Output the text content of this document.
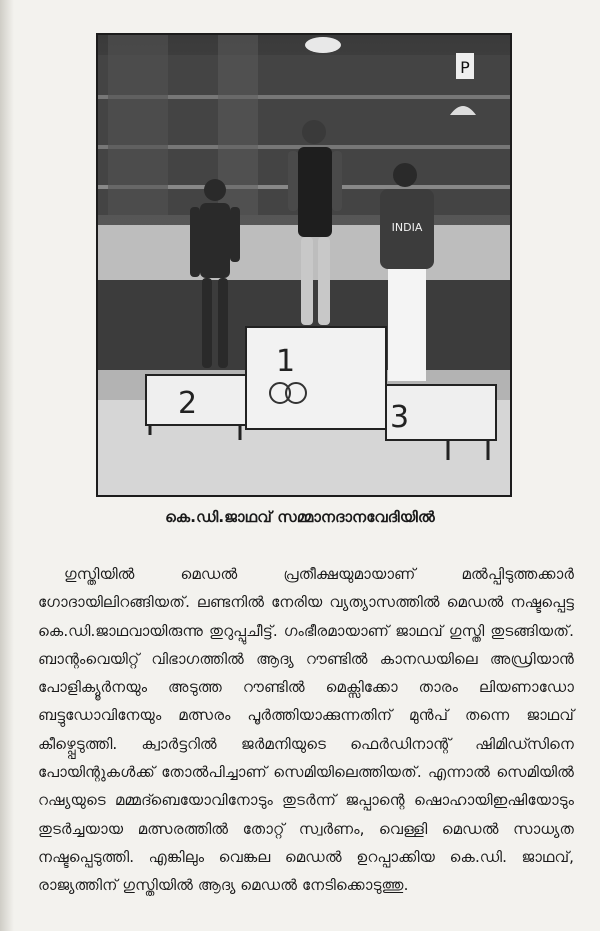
P
1
2	3
INDIA
കെ.ഡി.ജാഥവ് സമ്മാനദാനവേദിയിൽ

ഗുസ്തിയിൽ മെഡൽ പ്രതീക്ഷയുമായാണ് മൽപ്പിടുത്തക്കാർ ഗോദായിലിറങ്ങിയത്. ലണ്ടനിൽ നേരിയ വ്യത്യാസത്തിൽ മെഡൽ നഷ്ടപ്പെട്ട കെ.ഡി.ജാഥവായിരുന്നു തുറുപ്പുചീട്ട്. ഗംഭീരമായാണ് ജാഥവ് ഗുസ്തി തുടങ്ങിയത്. ബാന്റംവെയിറ്റ് വിഭാഗത്തിൽ ആദ്യ റൗണ്ടിൽ കാനഡയിലെ അഡ്രിയാൻ പോളിക്യൂർനയും അടുത്ത റൗണ്ടിൽ മെക്സിക്കോ താരം ലിയണാഡോ ബട്ടുഡോവിനേയും മത്സരം പൂർത്തിയാക്കുന്നതിന് മുൻപ് തന്നെ ജാഥവ് കീഴ്പ്പെടുത്തി. ക്വാർട്ടറിൽ ജർമനിയുടെ ഫെർഡിനാന്റ് ഷിമിഡ്സിനെ പോയിന്റുകൾക്ക് തോൽപിച്ചാണ് സെമിയിലെത്തിയത്. എന്നാൽ സെമിയിൽ റഷ്യയുടെ മമ്മദ്ബെയോവിനോടും തുടർന്ന് ജപ്പാന്റെ ഷൊഹായിഇഷിയോടും തുടർച്ചയായ മത്സരത്തിൽ തോറ്റ് സ്വർണം, വെള്ളി മെഡൽ സാധ്യത നഷ്ടപ്പെടുത്തി. എങ്കിലും വെങ്കല മെഡൽ ഉറപ്പാക്കിയ കെ.ഡി. ജാഥവ്, രാജ്യത്തിന് ഗുസ്തിയിൽ ആദ്യ മെഡൽ നേടിക്കൊടുത്തു.
